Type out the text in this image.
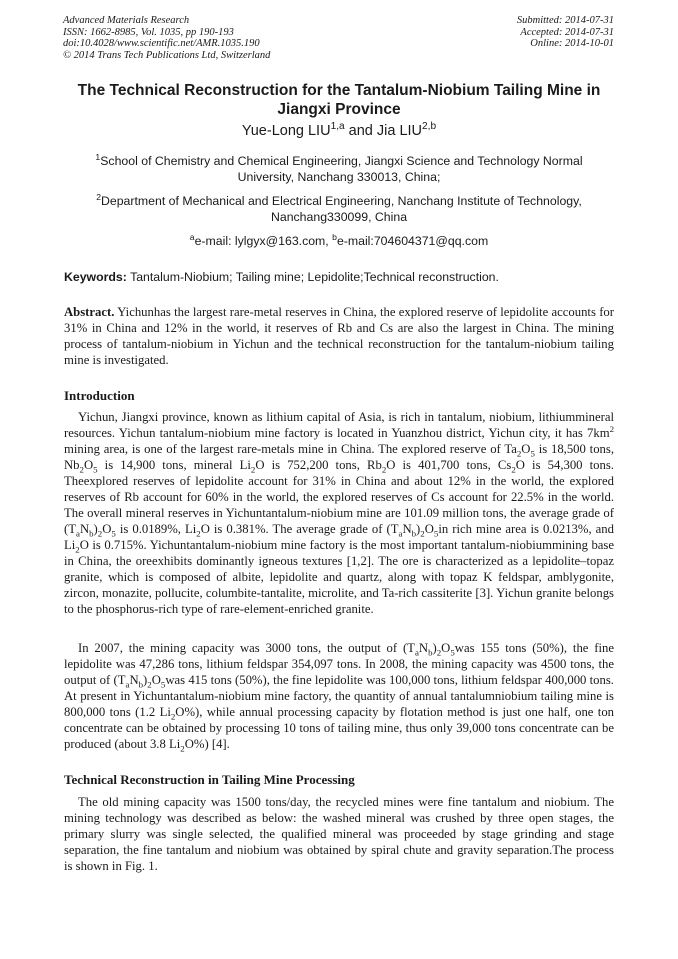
Advanced Materials Research
ISSN: 1662-8985, Vol. 1035, pp 190-193
doi:10.4028/www.scientific.net/AMR.1035.190
© 2014 Trans Tech Publications Ltd, Switzerland
Submitted: 2014-07-31
Accepted: 2014-07-31
Online: 2014-10-01
The Technical Reconstruction for the Tantalum-Niobium Tailing Mine in Jiangxi Province
Yue-Long LIU$^{1,a}$ and Jia LIU$^{2,b}$
$^1$School of Chemistry and Chemical Engineering, Jiangxi Science and Technology Normal University, Nanchang 330013, China;
$^2$Department of Mechanical and Electrical Engineering, Nanchang Institute of Technology, Nanchang330099, China
$^a$e-mail: lylgyx@163.com, $^b$e-mail:704604371@qq.com
Keywords: Tantalum-Niobium; Tailing mine; Lepidolite;Technical reconstruction.
Abstract. Yichunhas the largest rare-metal reserves in China, the explored reserve of lepidolite accounts for 31% in China and 12% in the world, it reserves of Rb and Cs are also the largest in China. The mining process of tantalum-niobium in Yichun and the technical reconstruction for the tantalum-niobium tailing mine is investigated.
Introduction
Yichun, Jiangxi province, known as lithium capital of Asia, is rich in tantalum, niobium, lithiummineral resources. Yichun tantalum-niobium mine factory is located in Yuanzhou district, Yichun city, it has $7km^2$ mining area, is one of the largest rare-metals mine in China. The explored reserve of $Ta_2O_5$ is 18,500 tons, $Nb_2O_5$ is 14,900 tons, mineral $Li_2O$ is 752,200 tons, $Rb_2O$ is 401,700 tons, $Cs_2O$ is 54,300 tons. Theexplored reserves of lepidolite account for 31% in China and about 12% in the world, the explored reserves of Rb account for 60% in the world, the explored reserves of Cs account for 22.5% in the world. The overall mineral reserves in Yichuntantalum-niobium mine are 101.09 million tons, the average grade of $(T_aN_b)_2O_5$ is 0.0189%, $Li_2O$ is 0.381%. The average grade of $(T_aN_b)_2O_5in$ rich mine area is 0.0213%, and $Li_2O$ is 0.715%. Yichuntantalum-niobium mine factory is the most important tantalum-niobiummining base in China, the oreexhibits dominantly igneous textures [1,2]. The ore is characterized as a lepidolite–topaz granite, which is composed of albite, lepidolite and quartz, along with topaz K feldspar, amblygonite, zircon, monazite, pollucite, columbite-tantalite, microlite, and Ta-rich cassiterite [3]. Yichun granite belongs to the phosphorus-rich type of rare-element-enriched granite.
In 2007, the mining capacity was 3000 tons, the output of $(T_aN_b)_2O_5was$ 155 tons (50%), the fine lepidolite was 47,286 tons, lithium feldspar 354,097 tons. In 2008, the mining capacity was 4500 tons, the output of $(T_aN_b)_2O_5was$ 415 tons (50%), the fine lepidolite was 100,000 tons, lithium feldspar 400,000 tons. At present in Yichuntantalum-niobium mine factory, the quantity of annual tantalumniobium tailing mine is 800,000 tons (1.2 $Li_2O\%$), while annual processing capacity by flotation method is just one half, one ton concentrate can be obtained by processing 10 tons of tailing mine, thus only 39,000 tons concentrate can be produced (about 3.8 $Li_2O\%$) [4].
Technical Reconstruction in Tailing Mine Processing
The old mining capacity was 1500 tons/day, the recycled mines were fine tantalum and niobium. The mining technology was described as below: the washed mineral was crushed by three open stages, the primary slurry was single selected, the qualified mineral was proceeded by stage grinding and stage separation, the fine tantalum and niobium was obtained by spiral chute and gravity separation.The process is shown in Fig. 1.
